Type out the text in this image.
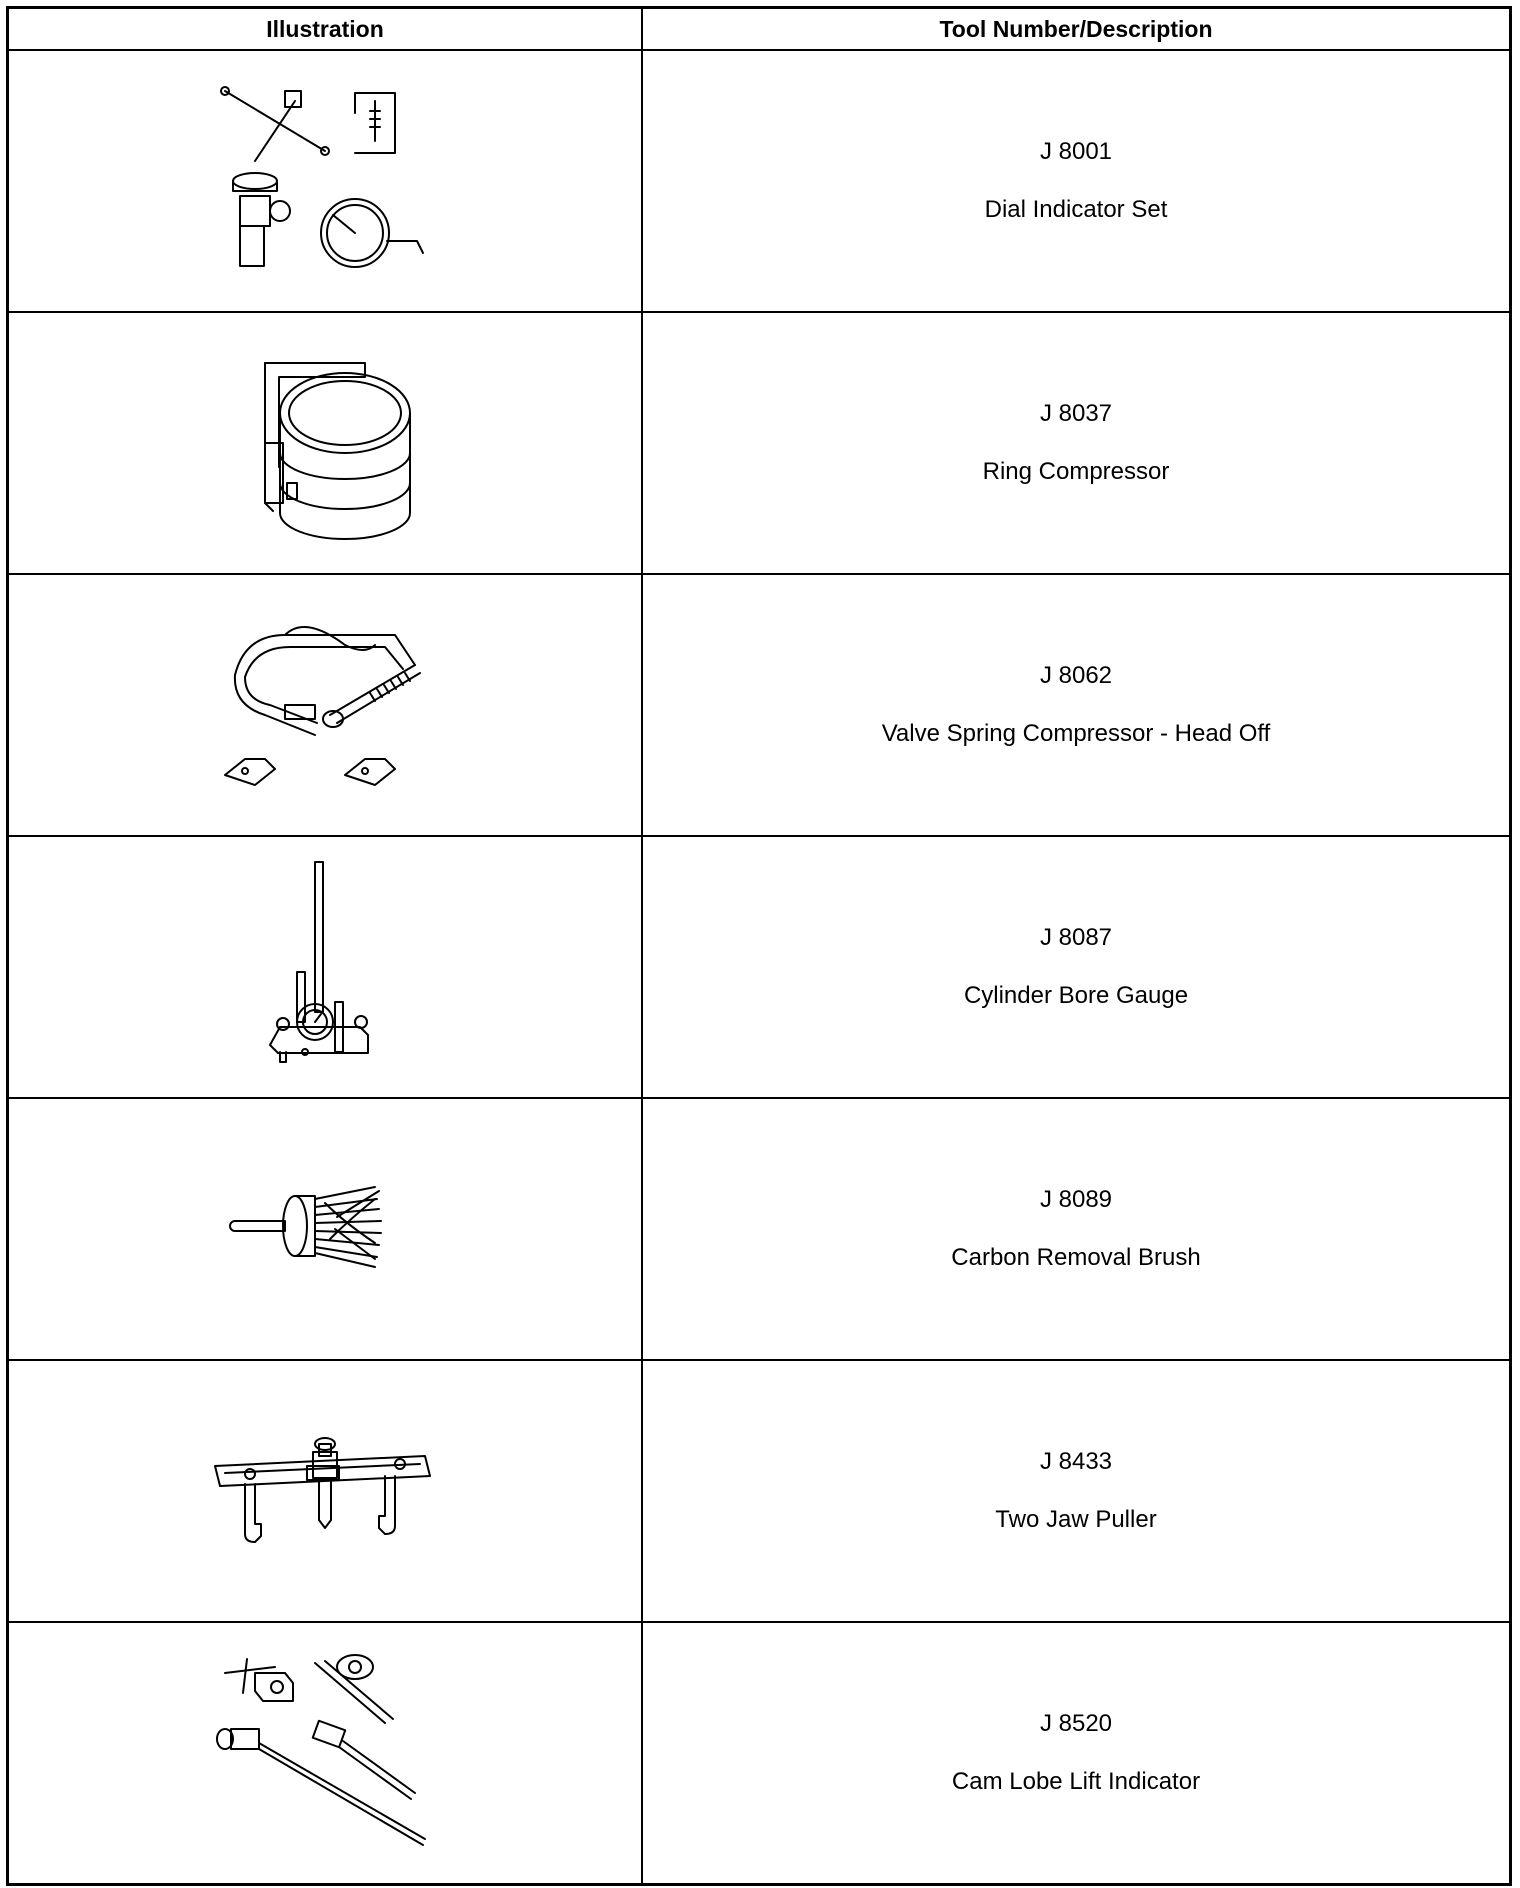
Illustration	Tool Number/Description

J 8001
Dial Indicator Set

J 8037
Ring Compressor

J 8062
Valve Spring Compressor - Head Off

J 8087
Cylinder Bore Gauge

J 8089
Carbon Removal Brush

J 8433
Two Jaw Puller

J 8520
Cam Lobe Lift Indicator
